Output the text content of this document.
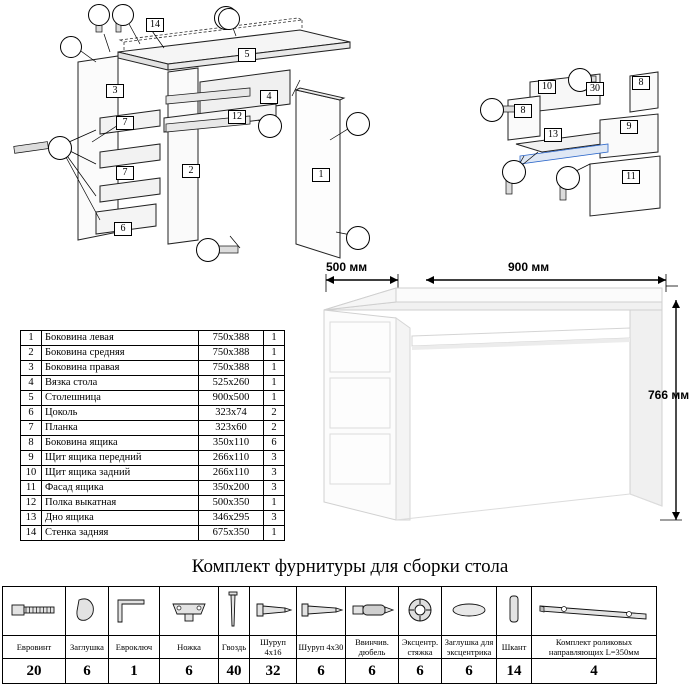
14
5
3
4
7
12
1
7
6
2
10	8
30
8
9
13
11
1	Боковина левая	750x388	1
2	Боковина средняя	750x388	1
3	Боковина правая	750x388	1
4	Вязка стола	525x260	1
5	Столешница	900x500	1
6	Цоколь	323x74	2
7	Планка	323x60	2
8	Боковина ящика	350x110	6
9	Щит ящика передний	266x110	3
10	Щит ящика задний	266x110	3
11	Фасад ящика	350x200	3
12	Полка выкатная	500x350	1
13	Дно ящика	346x295	3
14	Стенка задняя	675x350	1
500 мм	900 мм
766 мм
Комплект фурнитуры для сборки стола

Евровинт	Заглушка	Евроключ	Ножка	Гвоздь	Шуруп 4x16	Шуруп 4x30	Ввинчив. дюбель	Эксцентр. стяжка	Заглушка для эксцентрика	Шкант	Комплект роликовых направляющих L=350мм
20	6	1	6	40	32	6	6	6	6	14	4
